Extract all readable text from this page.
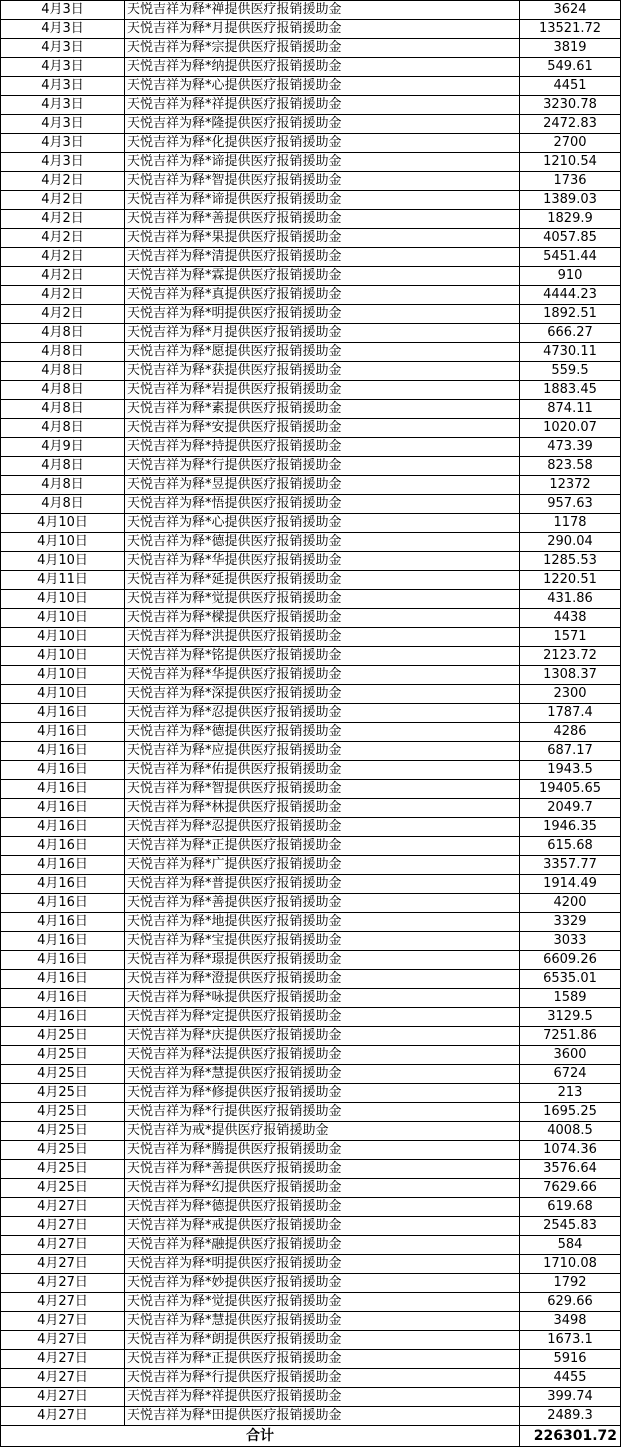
4月3日	天悦吉祥为释*禅提供医疗报销援助金	3624
4月3日	天悦吉祥为释*月提供医疗报销援助金	13521.72
4月3日	天悦吉祥为释*宗提供医疗报销援助金	3819
4月3日	天悦吉祥为释*纳提供医疗报销援助金	549.61
4月3日	天悦吉祥为释*心提供医疗报销援助金	4451
4月3日	天悦吉祥为释*祥提供医疗报销援助金	3230.78
4月3日	天悦吉祥为释*隆提供医疗报销援助金	2472.83
4月3日	天悦吉祥为释*化提供医疗报销援助金	2700
4月3日	天悦吉祥为释*谛提供医疗报销援助金	1210.54
4月2日	天悦吉祥为释*智提供医疗报销援助金	1736
4月2日	天悦吉祥为释*谛提供医疗报销援助金	1389.03
4月2日	天悦吉祥为释*善提供医疗报销援助金	1829.9
4月2日	天悦吉祥为释*果提供医疗报销援助金	4057.85
4月2日	天悦吉祥为释*清提供医疗报销援助金	5451.44
4月2日	天悦吉祥为释*霖提供医疗报销援助金	910
4月2日	天悦吉祥为释*真提供医疗报销援助金	4444.23
4月2日	天悦吉祥为释*明提供医疗报销援助金	1892.51
4月8日	天悦吉祥为释*月提供医疗报销援助金	666.27
4月8日	天悦吉祥为释*愿提供医疗报销援助金	4730.11
4月8日	天悦吉祥为释*获提供医疗报销援助金	559.5
4月8日	天悦吉祥为释*岩提供医疗报销援助金	1883.45
4月8日	天悦吉祥为释*素提供医疗报销援助金	874.11
4月8日	天悦吉祥为释*安提供医疗报销援助金	1020.07
4月9日	天悦吉祥为释*持提供医疗报销援助金	473.39
4月8日	天悦吉祥为释*行提供医疗报销援助金	823.58
4月8日	天悦吉祥为释*昱提供医疗报销援助金	12372
4月8日	天悦吉祥为释*悟提供医疗报销援助金	957.63
4月10日	天悦吉祥为释*心提供医疗报销援助金	1178
4月10日	天悦吉祥为释*德提供医疗报销援助金	290.04
4月10日	天悦吉祥为释*华提供医疗报销援助金	1285.53
4月11日	天悦吉祥为释*延提供医疗报销援助金	1220.51
4月10日	天悦吉祥为释*觉提供医疗报销援助金	431.86
4月10日	天悦吉祥为释*樑提供医疗报销援助金	4438
4月10日	天悦吉祥为释*洪提供医疗报销援助金	1571
4月10日	天悦吉祥为释*铭提供医疗报销援助金	2123.72
4月10日	天悦吉祥为释*华提供医疗报销援助金	1308.37
4月10日	天悦吉祥为释*深提供医疗报销援助金	2300
4月16日	天悦吉祥为释*忍提供医疗报销援助金	1787.4
4月16日	天悦吉祥为释*德提供医疗报销援助金	4286
4月16日	天悦吉祥为释*应提供医疗报销援助金	687.17
4月16日	天悦吉祥为释*佑提供医疗报销援助金	1943.5
4月16日	天悦吉祥为释*智提供医疗报销援助金	19405.65
4月16日	天悦吉祥为释*林提供医疗报销援助金	2049.7
4月16日	天悦吉祥为释*忍提供医疗报销援助金	1946.35
4月16日	天悦吉祥为释*正提供医疗报销援助金	615.68
4月16日	天悦吉祥为释*广提供医疗报销援助金	3357.77
4月16日	天悦吉祥为释*普提供医疗报销援助金	1914.49
4月16日	天悦吉祥为释*善提供医疗报销援助金	4200
4月16日	天悦吉祥为释*地提供医疗报销援助金	3329
4月16日	天悦吉祥为释*宝提供医疗报销援助金	3033
4月16日	天悦吉祥为释*璟提供医疗报销援助金	6609.26
4月16日	天悦吉祥为释*澄提供医疗报销援助金	6535.01
4月16日	天悦吉祥为释*咏提供医疗报销援助金	1589
4月16日	天悦吉祥为释*定提供医疗报销援助金	3129.5
4月25日	天悦吉祥为释*庆提供医疗报销援助金	7251.86
4月25日	天悦吉祥为释*法提供医疗报销援助金	3600
4月25日	天悦吉祥为释*慧提供医疗报销援助金	6724
4月25日	天悦吉祥为释*修提供医疗报销援助金	213
4月25日	天悦吉祥为释*行提供医疗报销援助金	1695.25
4月25日	天悦吉祥为戒*提供医疗报销援助金	4008.5
4月25日	天悦吉祥为释*腾提供医疗报销援助金	1074.36
4月25日	天悦吉祥为释*善提供医疗报销援助金	3576.64
4月25日	天悦吉祥为释*幻提供医疗报销援助金	7629.66
4月27日	天悦吉祥为释*德提供医疗报销援助金	619.68
4月27日	天悦吉祥为释*戒提供医疗报销援助金	2545.83
4月27日	天悦吉祥为释*融提供医疗报销援助金	584
4月27日	天悦吉祥为释*明提供医疗报销援助金	1710.08
4月27日	天悦吉祥为释*妙提供医疗报销援助金	1792
4月27日	天悦吉祥为释*觉提供医疗报销援助金	629.66
4月27日	天悦吉祥为释*慧提供医疗报销援助金	3498
4月27日	天悦吉祥为释*朗提供医疗报销援助金	1673.1
4月27日	天悦吉祥为释*正提供医疗报销援助金	5916
4月27日	天悦吉祥为释*行提供医疗报销援助金	4455
4月27日	天悦吉祥为释*祥提供医疗报销援助金	399.74
4月27日	天悦吉祥为释*田提供医疗报销援助金	2489.3
合计		226301.72
